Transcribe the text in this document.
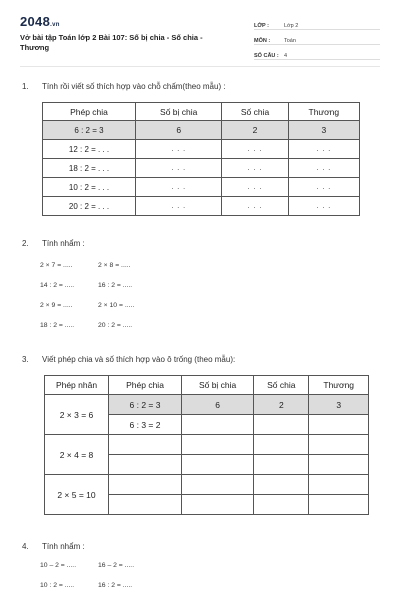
2048.vn
Vở bài tập Toán lớp 2 Bài 107: Số bị chia - Số chia - Thương
LỚP :	Lớp 2
MÔN :	Toán
SỐ CÂU : 4
1. Tính rồi viết số thích hợp vào chỗ chấm(theo mẫu) :
Phép chia	Số bị chia	Số chia	Thương
6 : 2 = 3	6	2	3
12 : 2 = . . .	. . .	. . .	. . .
18 : 2 = . . .	. . .	. . .	. . .
10 : 2 = . . .	. . .	. . .	. . .
20 : 2 = . . .	. . .	. . .	. . .
2. Tính nhẩm :
2 × 7 = .....	2 × 8 = .....
14 : 2 = .....	16 : 2 = .....
2 × 9 = .....	2 × 10 = .....
18 : 2 = .....	20 : 2 = .....
3. Viết phép chia và số thích hợp vào ô trống (theo mẫu):
Phép nhân	Phép chia	Số bị chia	Số chia	Thương
2 × 3 = 6	6 : 2 = 3	6	2	3
	6 : 3 = 2			
2 × 4 = 8				

2 × 5 = 10				

4. Tính nhẩm :
10 – 2 = .....	16 – 2 = .....
10 : 2 = .....	16 : 2 = .....
